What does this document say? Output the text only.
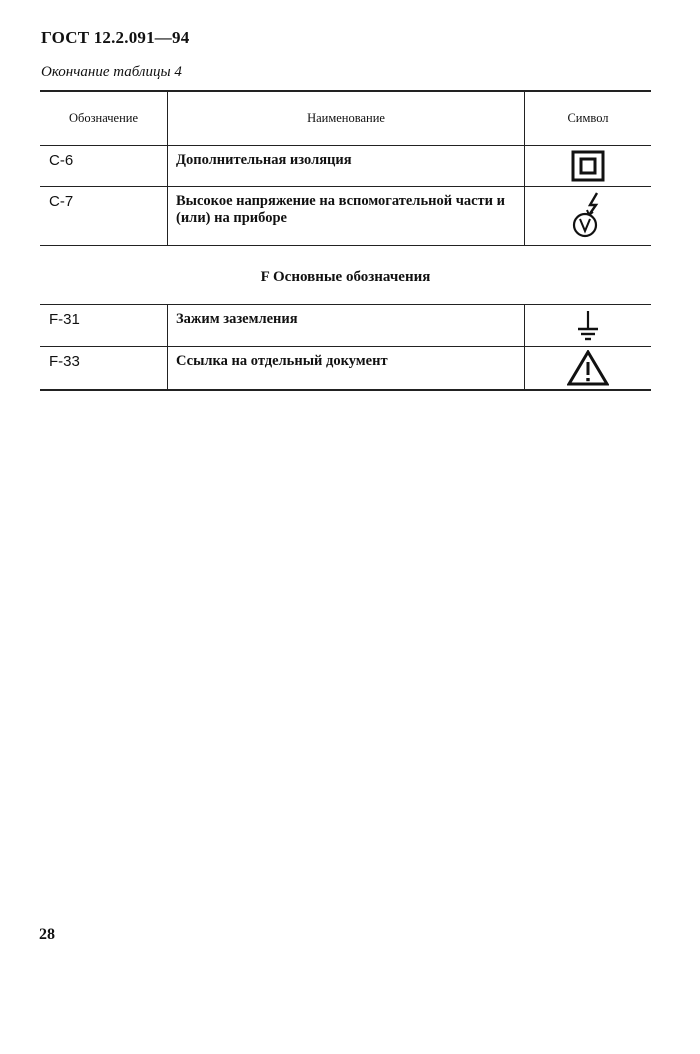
ГОСТ 12.2.091—94
Окончание таблицы 4
Обозначение	Наименование	Символ
C-6	Дополнительная изоляция
C-7	Высокое напряжение на вспомогательной части и (или) на приборе
F Основные обозначения
F-31	Зажим заземления
F-33	Ссылка на отдельный документ
28
